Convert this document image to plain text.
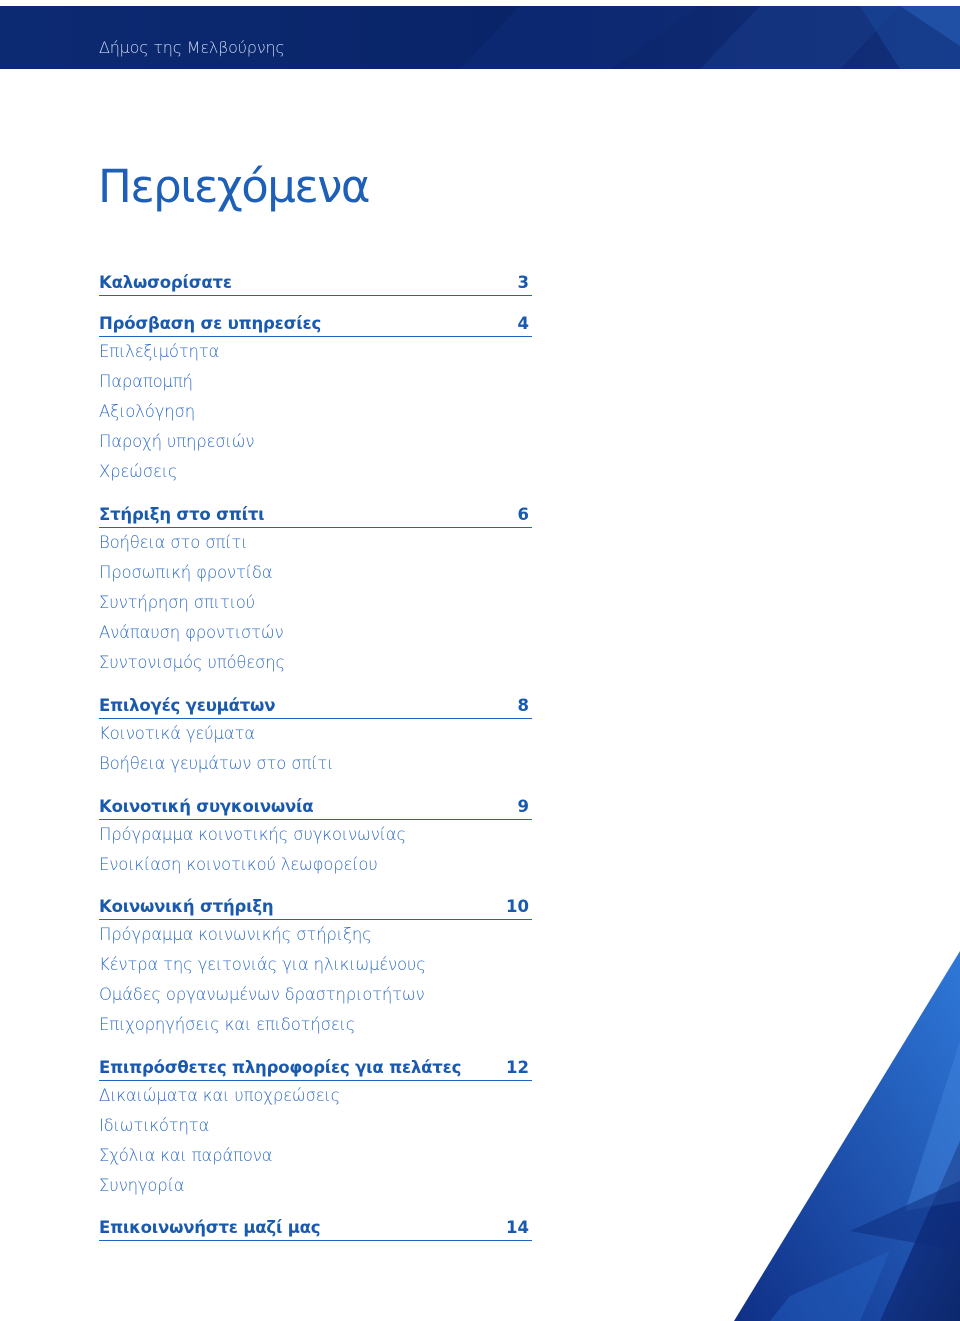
Δήμος της Μελβούρνης
Περιεχόμενα
Καλωσορίσατε	3
Πρόσβαση σε υπηρεσίες	4
Επιλεξιμότητα
Παραπομπή
Αξιολόγηση
Παροχή υπηρεσιών
Χρεώσεις
Στήριξη στο σπίτι	6
Βοήθεια στο σπίτι
Προσωπική φροντίδα
Συντήρηση σπιτιού
Ανάπαυση φροντιστών
Συντονισμός υπόθεσης
Επιλογές γευμάτων	8
Κοινοτικά γεύματα
Βοήθεια γευμάτων στο σπίτι
Κοινοτική συγκοινωνία	9
Πρόγραμμα κοινοτικής συγκοινωνίας
Ενοικίαση κοινοτικού λεωφορείου
Κοινωνική στήριξη	10
Πρόγραμμα κοινωνικής στήριξης
Κέντρα της γειτονιάς για ηλικιωμένους
Ομάδες οργανωμένων δραστηριοτήτων
Επιχορηγήσεις και επιδοτήσεις
Επιπρόσθετες πληροφορίες για πελάτες	12
Δικαιώματα και υποχρεώσεις
Ιδιωτικότητα
Σχόλια και παράπονα
Συνηγορία
Επικοινωνήστε μαζί μας	14
